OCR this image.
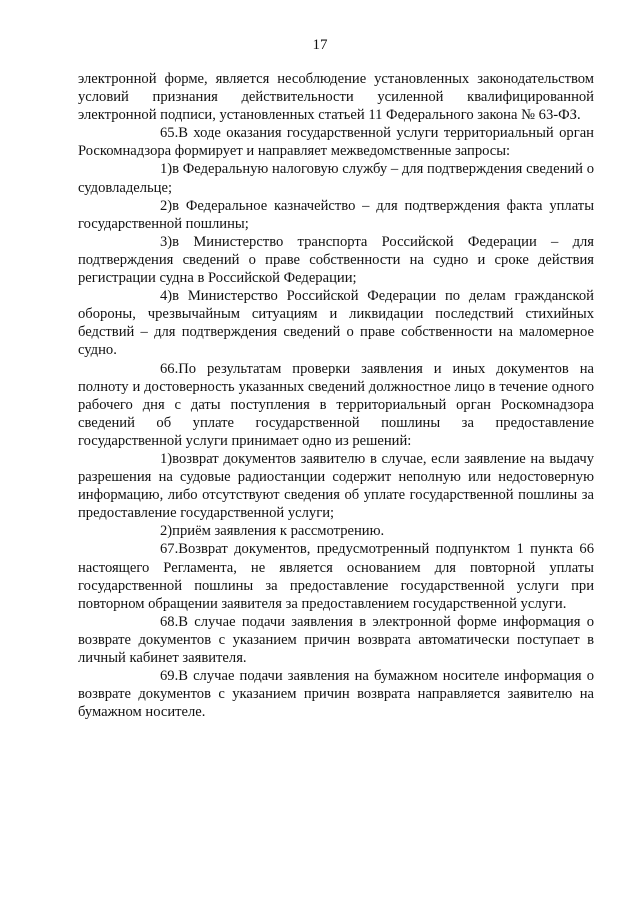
17

электронной форме, является несоблюдение установленных законодательством условий признания действительности усиленной квалифицированной электронной подписи, установленных статьей 11 Федерального закона № 63-ФЗ.

65.В ходе оказания государственной услуги территориальный орган Роскомнадзора формирует и направляет межведомственные запросы:

1)в Федеральную налоговую службу – для подтверждения сведений о судовладельце;

2)в Федеральное казначейство – для подтверждения факта уплаты государственной пошлины;

3)в Министерство транспорта Российской Федерации – для подтверждения сведений о праве собственности на судно и сроке действия регистрации судна в Российской Федерации;

4)в Министерство Российской Федерации по делам гражданской обороны, чрезвычайным ситуациям и ликвидации последствий стихийных бедствий – для подтверждения сведений о праве собственности на маломерное судно.

66.По результатам проверки заявления и иных документов на полноту и достоверность указанных сведений должностное лицо в течение одного рабочего дня с даты поступления в территориальный орган Роскомнадзора сведений об уплате государственной пошлины за предоставление государственной услуги принимает одно из решений:

1)возврат документов заявителю в случае, если заявление на выдачу разрешения на судовые радиостанции содержит неполную или недостоверную информацию, либо отсутствуют сведения об уплате государственной пошлины за предоставление государственной услуги;

2)приём заявления к рассмотрению.

67.Возврат документов, предусмотренный подпунктом 1 пункта 66 настоящего Регламента, не является основанием для повторной уплаты государственной пошлины за предоставление государственной услуги при повторном обращении заявителя за предоставлением государственной услуги.

68.В случае подачи заявления в электронной форме информация о возврате документов с указанием причин возврата автоматически поступает в личный кабинет заявителя.

69.В случае подачи заявления на бумажном носителе информация о возврате документов с указанием причин возврата направляется заявителю на бумажном носителе.
